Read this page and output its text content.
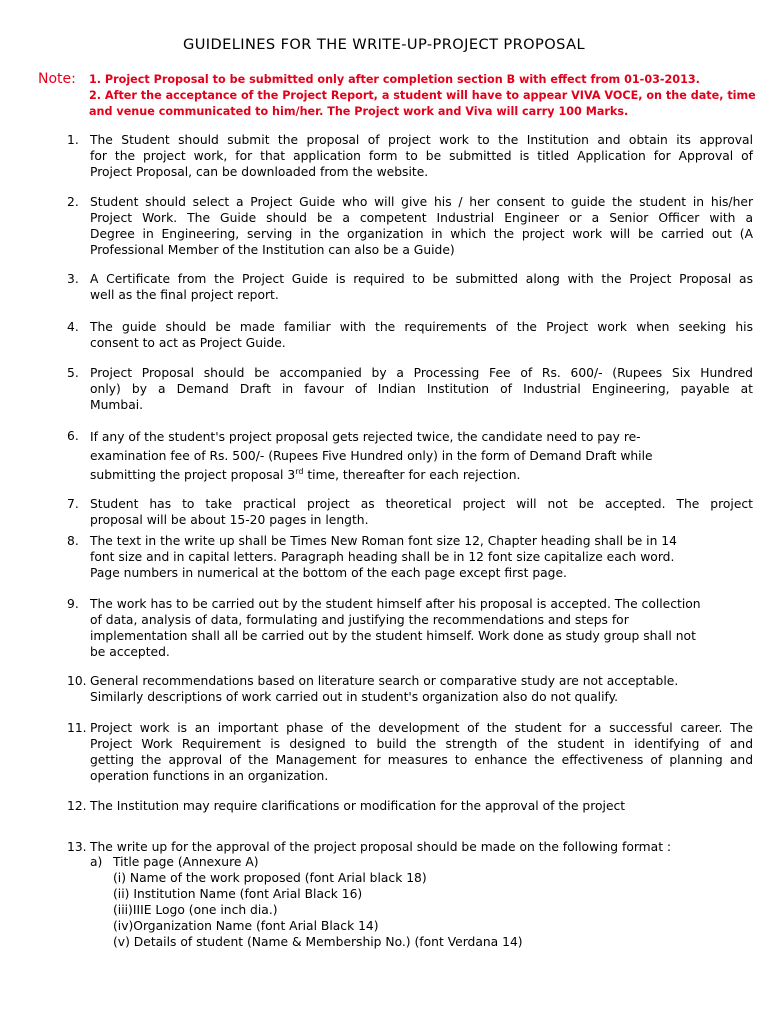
GUIDELINES FOR THE WRITE-UP-PROJECT PROPOSAL
Note: 1. Project Proposal to be submitted only after completion section B with effect from 01-03-2013.
2. After the acceptance of the Project Report, a student will have to appear VIVA VOCE, on the date, time
and venue communicated to him/her. The Project work and Viva will carry 100 Marks.
1. The Student should submit the proposal of project work to the Institution and obtain its approval
for the project work, for that application form to be submitted is titled Application for Approval of
Project Proposal, can be downloaded from the website.
2. Student should select a Project Guide who will give his / her consent to guide the student in his/her
Project Work. The Guide should be a competent Industrial Engineer or a Senior Officer with a
Degree in Engineering, serving in the organization in which the project work will be carried out (A
Professional Member of the Institution can also be a Guide)
3. A Certificate from the Project Guide is required to be submitted along with the Project Proposal as
well as the final project report.
4. The guide should be made familiar with the requirements of the Project work when seeking his
consent to act as Project Guide.
5. Project Proposal should be accompanied by a Processing Fee of Rs. 600/- (Rupees Six Hundred
only) by a Demand Draft in favour of Indian Institution of Industrial Engineering, payable at
Mumbai.
6. If any of the student's project proposal gets rejected twice, the candidate need to pay re-
examination fee of Rs. 500/- (Rupees Five Hundred only) in the form of Demand Draft while
submitting the project proposal 3rd time, thereafter for each rejection.
7. Student has to take practical project as theoretical project will not be accepted. The project
proposal will be about 15-20 pages in length.
8. The text in the write up shall be Times New Roman font size 12, Chapter heading shall be in 14
font size and in capital letters. Paragraph heading shall be in 12 font size capitalize each word.
Page numbers in numerical at the bottom of the each page except first page.
9. The work has to be carried out by the student himself after his proposal is accepted. The collection
of data, analysis of data, formulating and justifying the recommendations and steps for
implementation shall all be carried out by the student himself. Work done as study group shall not
be accepted.
10. General recommendations based on literature search or comparative study are not acceptable.
Similarly descriptions of work carried out in student's organization also do not qualify.
11. Project work is an important phase of the development of the student for a successful career. The
Project Work Requirement is designed to build the strength of the student in identifying of and
getting the approval of the Management for measures to enhance the effectiveness of planning and
operation functions in an organization.
12. The Institution may require clarifications or modification for the approval of the project
13. The write up for the approval of the project proposal should be made on the following format :
a) Title page (Annexure A)
(i) Name of the work proposed (font Arial black 18)
(ii) Institution Name (font Arial Black 16)
(iii)IIIE Logo (one inch dia.)
(iv)Organization Name (font Arial Black 14)
(v) Details of student (Name & Membership No.) (font Verdana 14)
